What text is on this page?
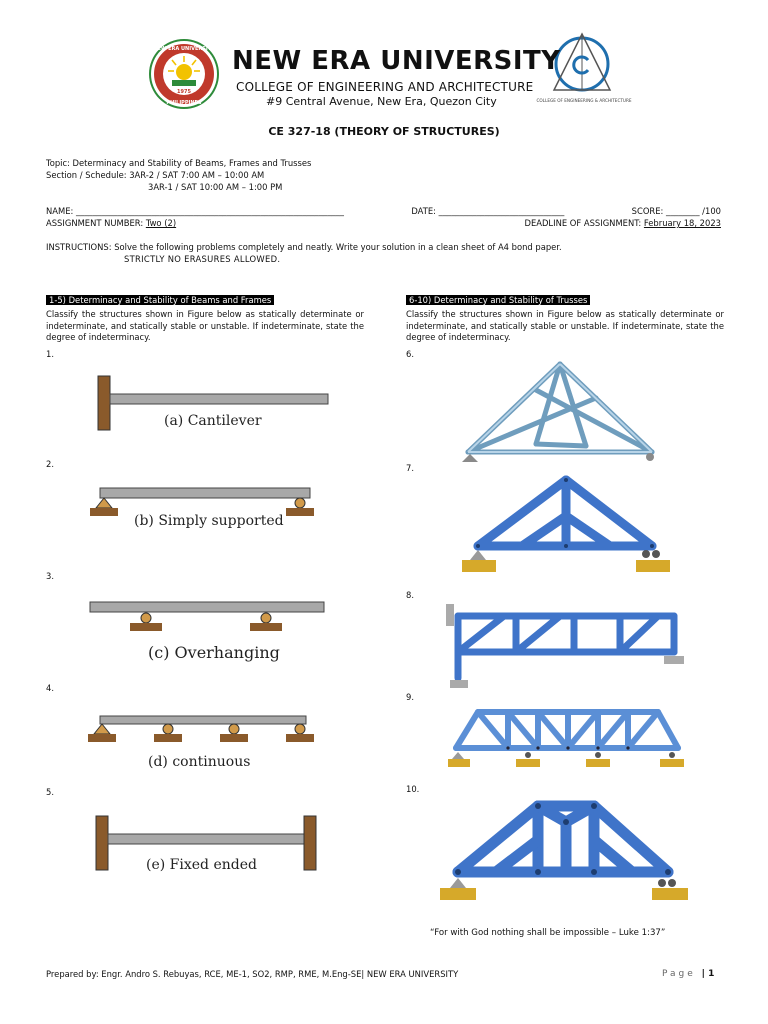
NEW ERA UNIVERSITY
1975
PHILIPPINES	COLLEGE OF ENGINEERING & ARCHITECTURE
NEW ERA UNIVERSITY
COLLEGE OF ENGINEERING AND ARCHITECTURE
#9 Central Avenue, New Era, Quezon City
CE 327-18 (THEORY OF STRUCTURES)
Topic: Determinacy and Stability of Beams, Frames and Trusses
Section / Schedule: 3AR-2 / SAT 7:00 AM – 10:00 AM
3AR-1 / SAT 10:00 AM – 1:00 PM
NAME: ________________________________________________________________	DATE: ______________________________	SCORE: ________ /100
ASSIGNMENT NUMBER: Two (2)	DEADLINE OF ASSIGNMENT: February 18, 2023
INSTRUCTIONS: Solve the following problems completely and neatly. Write your solution in a clean sheet of A4 bond paper.
STRICTLY NO ERASURES ALLOWED.
1-5) Determinacy and Stability of Beams and Frames
Classify the structures shown in Figure below as statically determinate or indeterminate, and statically stable or unstable. If indeterminate, state the degree of indeterminacy.
6-10) Determinacy and Stability of Trusses
Classify the structures shown in Figure below as statically determinate or indeterminate, and statically stable or unstable. If indeterminate, state the degree of indeterminacy.
1.
2.
3.
4.
5.
6.
7.
8.
9.
10.
(a) Cantilever
(b) Simply supported
(c) Overhanging
(d) continuous
(e) Fixed ended
“For with God nothing shall be impossible – Luke 1:37”
Prepared by: Engr. Andro S. Rebuyas, RCE, ME-1, SO2, RMP, RME, M.Eng-SE| NEW ERA UNIVERSITY	Page | 1
